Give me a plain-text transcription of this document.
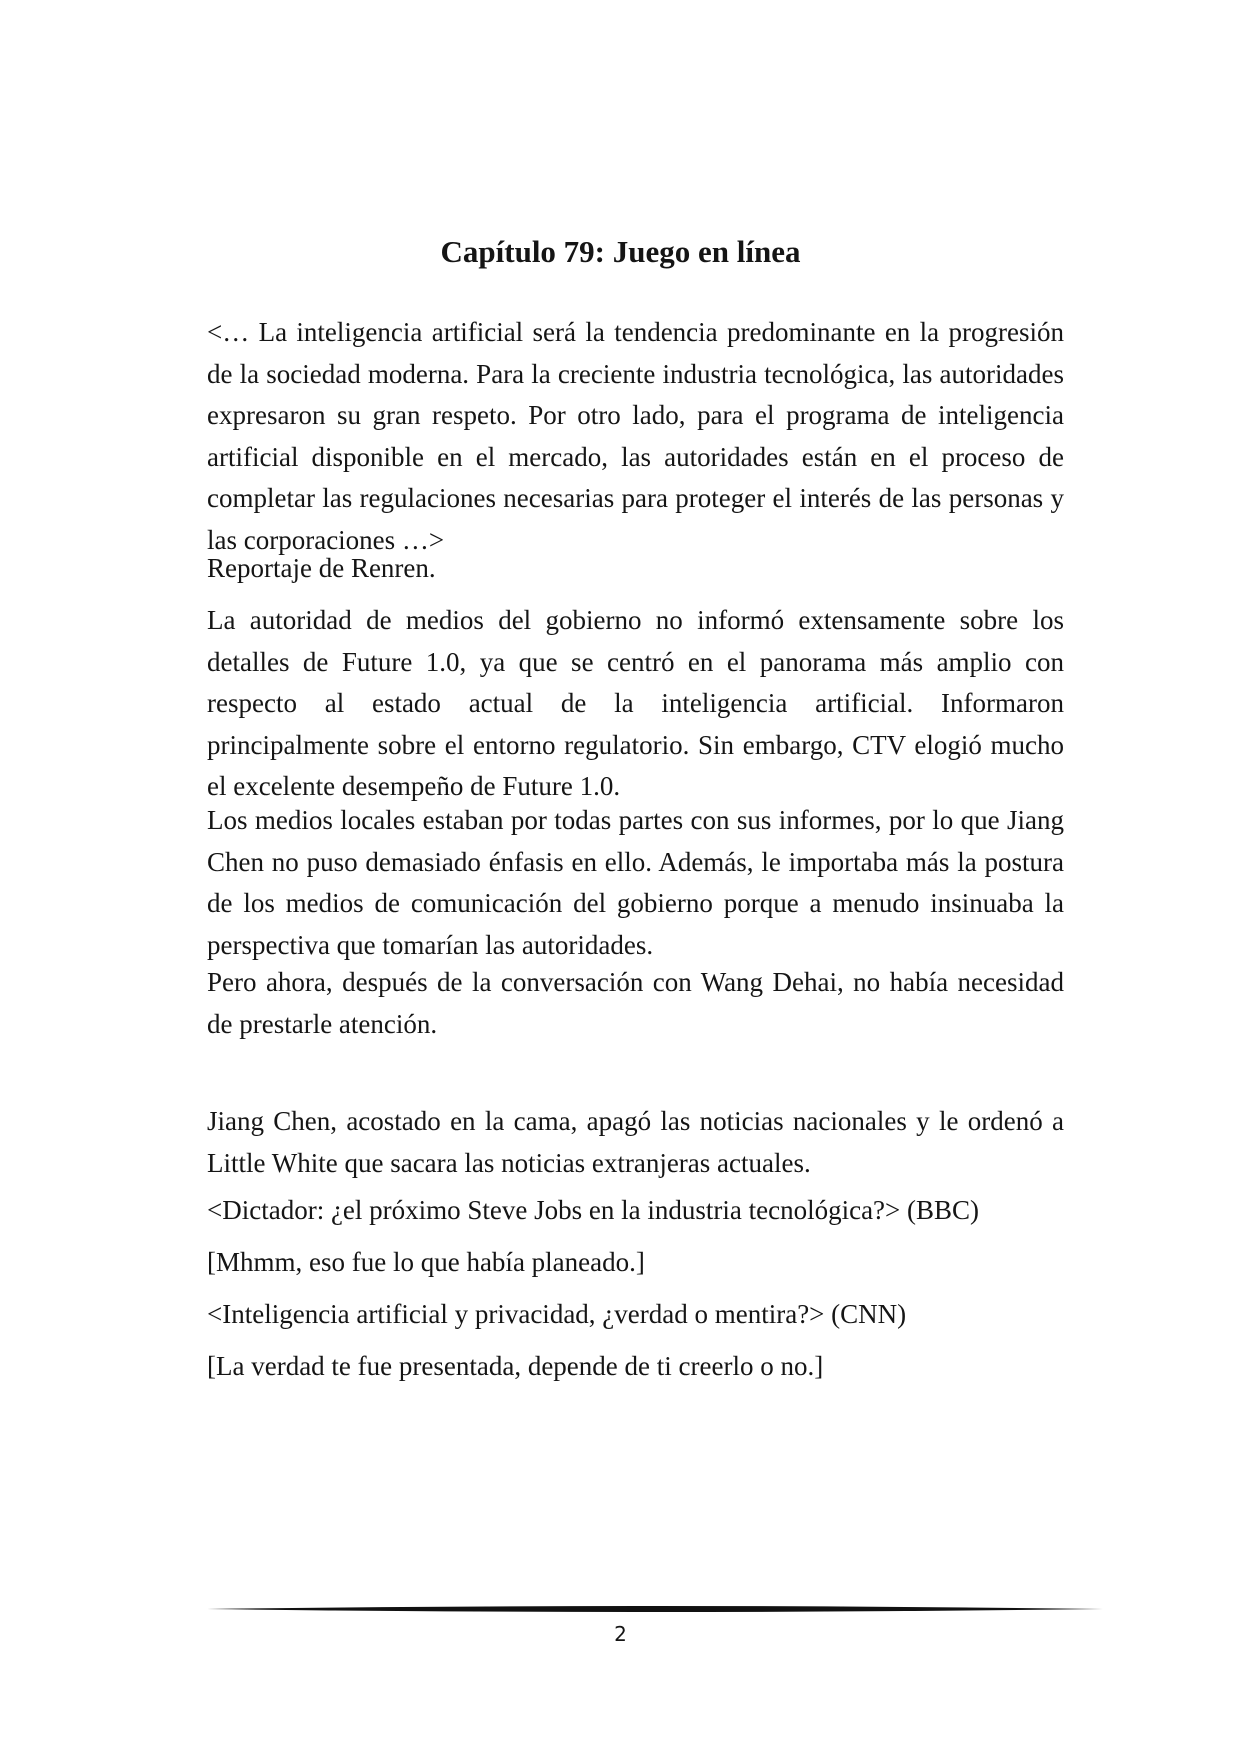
Capítulo 79: Juego en línea

<… La inteligencia artificial será la tendencia predominante en la progresión de la sociedad moderna. Para la creciente industria tecnológica, las autoridades expresaron su gran respeto. Por otro lado, para el programa de inteligencia artificial disponible en el mercado, las autoridades están en el proceso de completar las regulaciones necesarias para proteger el interés de las personas y las corporaciones …>

Reportaje de Renren.

La autoridad de medios del gobierno no informó extensamente sobre los detalles de Future 1.0, ya que se centró en el panorama más amplio con respecto al estado actual de la inteligencia artificial. Informaron principalmente sobre el entorno regulatorio. Sin embargo, CTV elogió mucho el excelente desempeño de Future 1.0.

Los medios locales estaban por todas partes con sus informes, por lo que Jiang Chen no puso demasiado énfasis en ello. Además, le importaba más la postura de los medios de comunicación del gobierno porque a menudo insinuaba la perspectiva que tomarían las autoridades.

Pero ahora, después de la conversación con Wang Dehai, no había necesidad de prestarle atención.

Jiang Chen, acostado en la cama, apagó las noticias nacionales y le ordenó a Little White que sacara las noticias extranjeras actuales.

<Dictador: ¿el próximo Steve Jobs en la industria tecnológica?> (BBC)

[Mhmm, eso fue lo que había planeado.]

<Inteligencia artificial y privacidad, ¿verdad o mentira?> (CNN)

[La verdad te fue presentada, depende de ti creerlo o no.]

2
